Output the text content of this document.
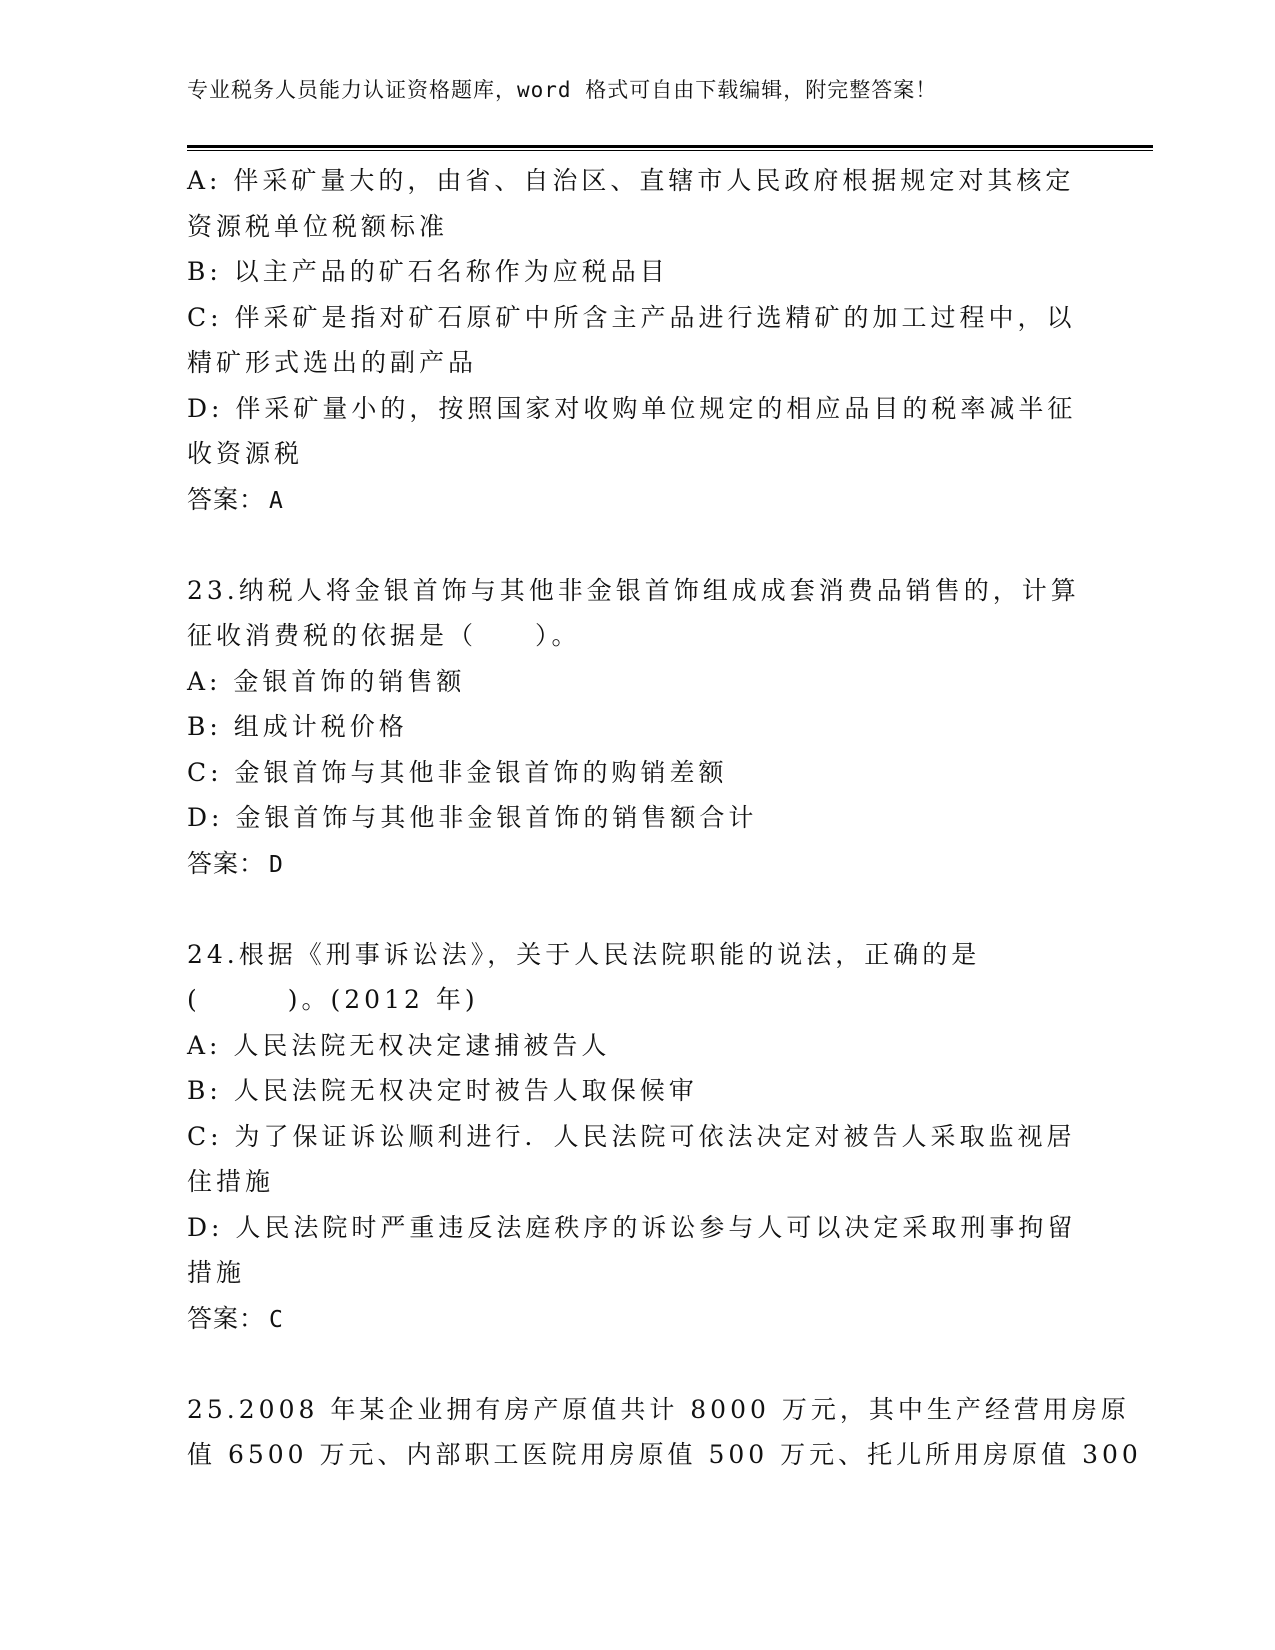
专业税务人员能力认证资格题库，word 格式可自由下载编辑，附完整答案！
A: 伴采矿量大的，由省、自治区、直辖市人民政府根据规定对其核定
资源税单位税额标准
B: 以主产品的矿石名称作为应税品目
C: 伴采矿是指对矿石原矿中所含主产品进行选精矿的加工过程中，以
精矿形式选出的副产品
D: 伴采矿量小的，按照国家对收购单位规定的相应品目的税率减半征
收资源税
答案： A
23.纳税人将金银首饰与其他非金银首饰组成成套消费品销售的，计算
征收消费税的依据是（　　）。
A: 金银首饰的销售额
B: 组成计税价格
C: 金银首饰与其他非金银首饰的购销差额
D: 金银首饰与其他非金银首饰的销售额合计
答案： D
24.根据《刑事诉讼法》，关于人民法院职能的说法，正确的是
(　　　)。(2012 年)
A: 人民法院无权决定逮捕被告人
B: 人民法院无权决定时被告人取保候审
C: 为了保证诉讼顺利进行．人民法院可依法决定对被告人采取监视居
住措施
D: 人民法院时严重违反法庭秩序的诉讼参与人可以决定采取刑事拘留
措施
答案： C
25.2008 年某企业拥有房产原值共计 8000 万元，其中生产经营用房原
值 6500 万元、内部职工医院用房原值 500 万元、托儿所用房原值 300
